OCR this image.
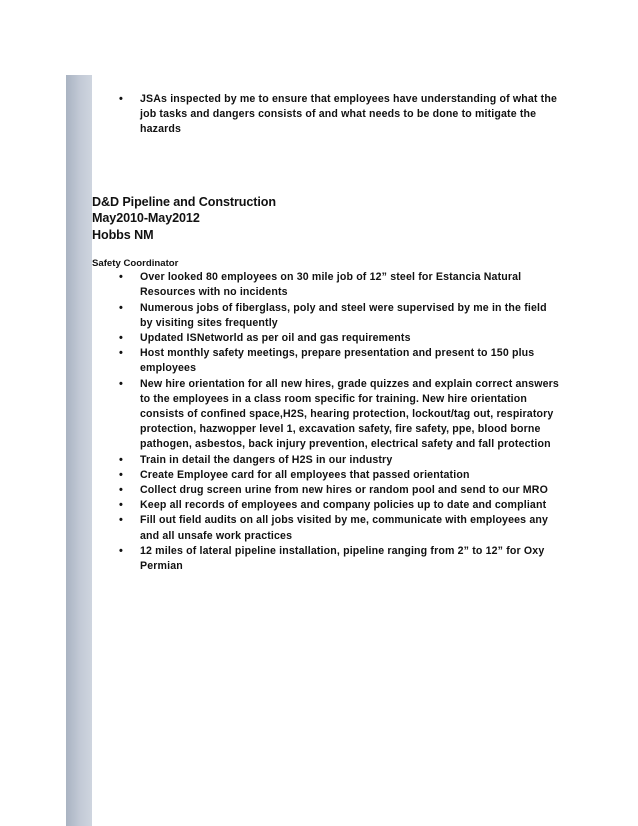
• JSAs inspected by me to ensure that employees have understanding of what the job tasks and dangers consists of and what needs to be done to mitigate the hazards
D&D Pipeline and Construction
May2010-May2012
Hobbs NM
Safety Coordinator
• Over looked 80 employees on 30 mile job of 12” steel for Estancia Natural Resources with no incidents
• Numerous jobs of fiberglass, poly and steel were supervised by me in the field by visiting sites frequently
• Updated ISNetworld as per oil and gas requirements
• Host monthly safety meetings, prepare presentation and present to 150 plus employees
• New hire orientation for all new hires, grade quizzes and explain correct answers to the employees in a class room specific for training. New hire orientation consists of confined space,H2S, hearing protection, lockout/tag out, respiratory protection, hazwopper level 1, excavation safety, fire safety, ppe, blood borne pathogen, asbestos, back injury prevention, electrical safety and fall protection
• Train in detail the dangers of H2S in our industry
• Create Employee card for all employees that passed orientation
• Collect drug screen urine from new hires or random pool and send to our MRO
• Keep all records of employees and company policies up to date and compliant
• Fill out field audits on all jobs visited by me, communicate with employees any and all unsafe work practices
• 12 miles of lateral pipeline installation, pipeline ranging from 2” to 12” for Oxy Permian
